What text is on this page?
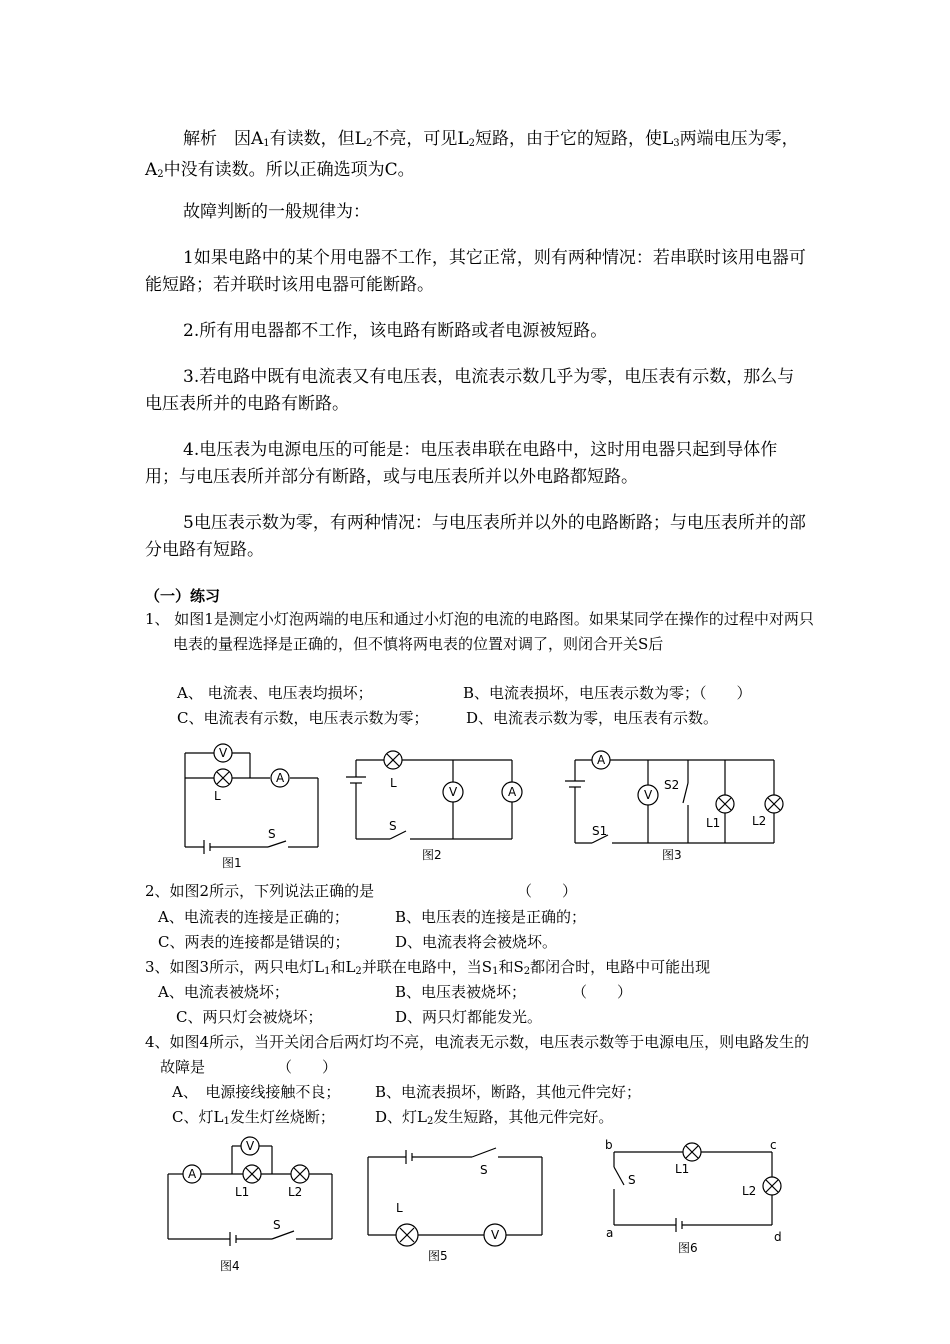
解析　因$A_1$有读数，但$L_2$不亮，可见$L_2$短路，由于它的短路，使$L_3$两端电压为零，$A_2$中没有读数。所以正确选项为C。

故障判断的一般规律为：

1如果电路中的某个用电器不工作，其它正常，则有两种情况：若串联时该用电器可能短路；若并联时该用电器可能断路。

2.所有用电器都不工作，该电路有断路或者电源被短路。

3.若电路中既有电流表又有电压表，电流表示数几乎为零，电压表有示数，那么与电压表所并的电路有断路。

4.电压表为电源电压的可能是：电压表串联在电路中，这时用电器只起到导体作用；与电压表所并部分有断路，或与电压表所并以外电路都短路。

5电压表示数为零，有两种情况：与电压表所并以外的电路断路；与电压表所并的部分电路有短路。

（一）练习

1、 如图1是测定小灯泡两端的电压和通过小灯泡的电流的电路图。如果某同学在操作的过程中对两只电表的量程选择是正确的，但不慎将两电表的位置对调了，则闭合开关S后

A、 电流表、电压表均损坏；	B、电流表损坏，电压表示数为零；（　　）

C、电流表有示数，电压表示数为零；	D、电流表示数为零，电压表有示数。

V
A
L
S
图1
V	A
L
S
图2
A
V
S2
S1
L1	L2
图3

2、如图2所示，下列说法正确的是	（　　）

A、电流表的连接是正确的；	B、电压表的连接是正确的；

C、两表的连接都是错误的；	D、电流表将会被烧坏。

3、如图3所示，两只电灯$L_1$和$L_2$并联在电路中，当$S_1$和$S_2$都闭合时，电路中可能出现

A、电流表被烧坏；	B、电压表被烧坏；	（　　）

C、两只灯会被烧坏；	D、两只灯都能发光。

4、如图4所示，当开关闭合后两灯均不亮，电流表无示数，电压表示数等于电源电压，则电路发生的故障是	（　　）

A、　电源接线接触不良； B、电流表损坏，断路，其他元件完好；

C、灯$L_1$发生灯丝烧断；	D、灯$L_2$发生短路，其他元件完好。

A
V
L1	L2
S
图4
V
L
S
图5
b	c
a	d
S
L1
L2
图6
